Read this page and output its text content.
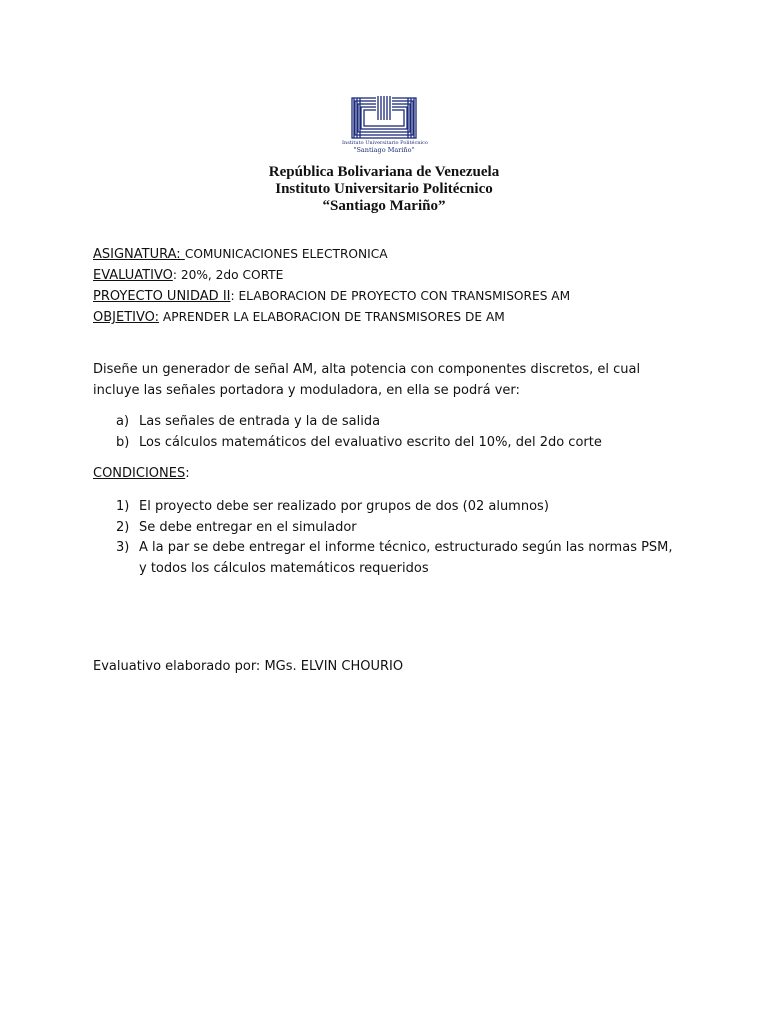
Instituto Universitario Politécnico
"Santiago Mariño"
República Bolivariana de Venezuela
Instituto Universitario Politécnico
“Santiago Mariño”
ASIGNATURA: COMUNICACIONES ELECTRONICA
EVALUATIVO: 20%, 2do CORTE
PROYECTO UNIDAD II: ELABORACION DE PROYECTO CON TRANSMISORES AM
OBJETIVO: APRENDER LA ELABORACION DE TRANSMISORES DE AM
Diseñe un generador de señal AM, alta potencia con componentes discretos, el cual incluye las señales portadora y moduladora, en ella se podrá ver:
a) Las señales de entrada y la de salida
b) Los cálculos matemáticos del evaluativo escrito del 10%, del 2do corte
CONDICIONES:
1) El proyecto debe ser realizado por grupos de dos (02 alumnos)
2) Se debe entregar en el simulador
3) A la par se debe entregar el informe técnico, estructurado según las normas PSM, y todos los cálculos matemáticos requeridos
Evaluativo elaborado por: MGs. ELVIN CHOURIO
